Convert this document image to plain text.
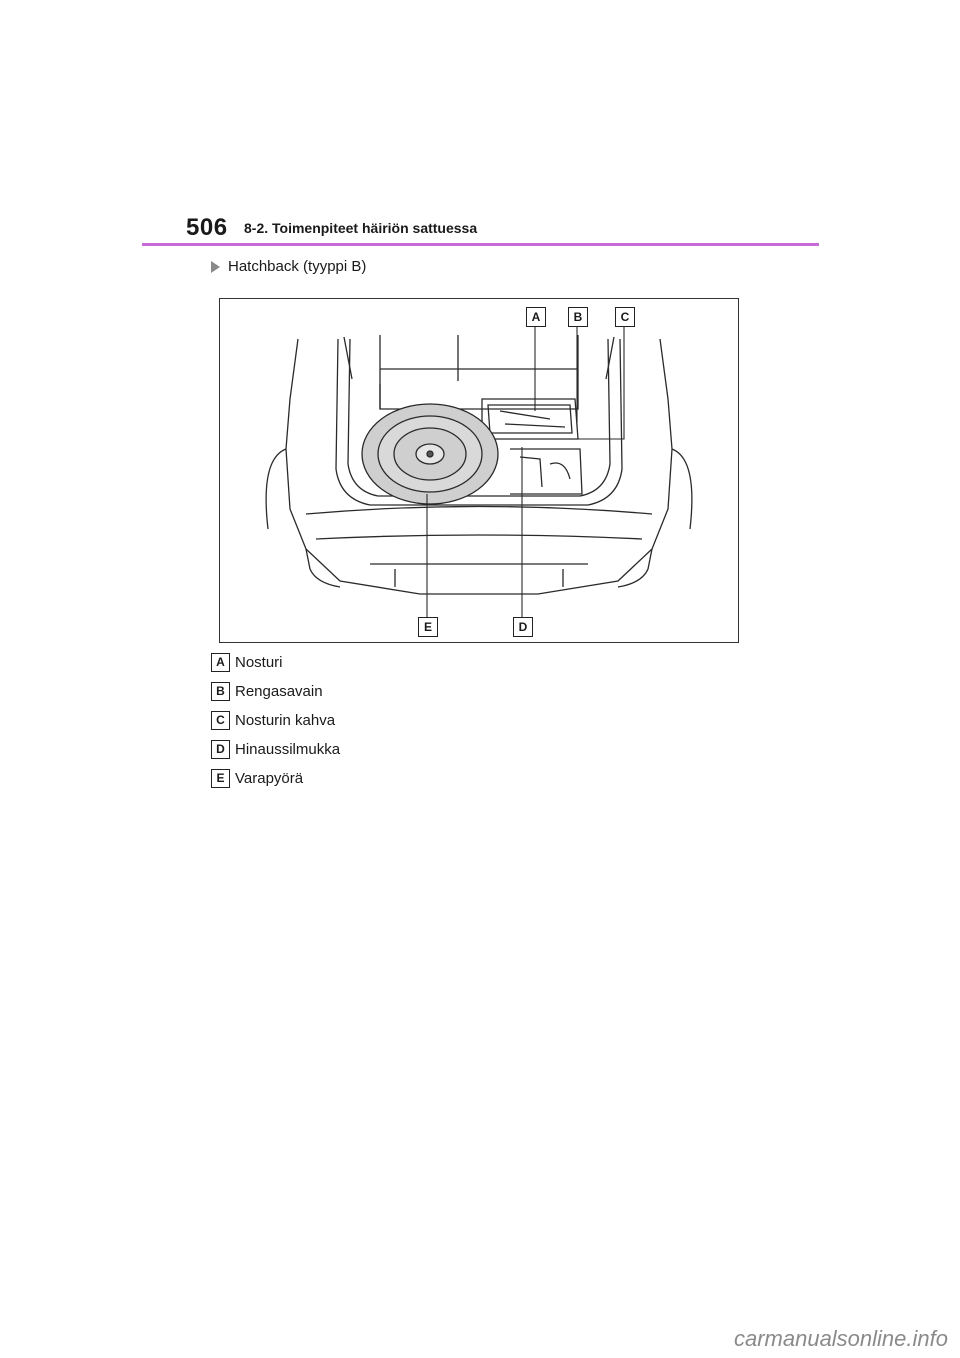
506 8-2. Toimenpiteet häiriön sattuessa
Hatchback (tyyppi B)
A	B	C
E	D
A Nosturi
B Rengasavain
C Nosturin kahva
D Hinaussilmukka
E Varapyörä
carmanualsonline.info
